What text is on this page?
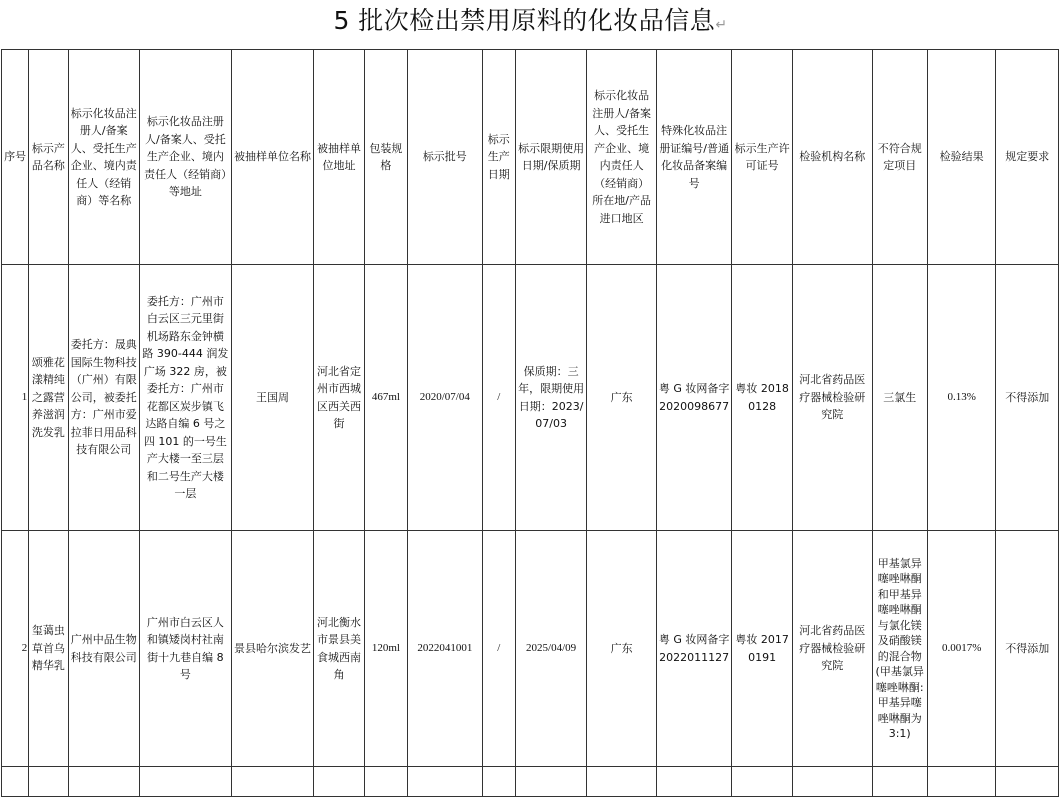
5 批次检出禁用原料的化妆品信息↵
序号	标示产品名称	标示化妆品注册人/备案人、受托生产企业、境内责任人（经销商）等名称	标示化妆品注册人/备案人、受托生产企业、境内责任人（经销商）等地址	被抽样单位名称	被抽样单位地址	包装规格	标示批号	标示生产日期	标示限期使用日期/保质期	标示化妆品注册人/备案人、受托生产企业、境内责任人（经销商）所在地/产品进口地区	特殊化妆品注册证编号/普通化妆品备案编号	标示生产许可证号	检验机构名称	不符合规定项目	检验结果	规定要求
1	颂雅花漾精纯之露营养滋润洗发乳	委托方：晟典国际生物科技（广州）有限公司，被委托方：广州市爱拉菲日用品科技有限公司	委托方：广州市白云区三元里街机场路东金钟横路 390-444 润发广场 322 房，被委托方：广州市花都区炭步镇飞达路自编 6 号之四 101 的一号生产大楼一至三层和二号生产大楼一层	王国周	河北省定州市西城区西关西街	467ml	2020/07/04	/	保质期：三年，限期使用日期：2023/07/03	广东	粤 G 妆网备字 2020098677	粤妆 20180128	河北省药品医疗器械检验研究院	三氯生	0.13%	不得添加
2	玺蔼虫草首乌精华乳	广州中品生物科技有限公司	广州市白云区人和镇矮岗村社南街十九巷自编 8 号	景县哈尔滨发艺	河北衡水市景县美食城西南角	120ml	2022041001	/	2025/04/09	广东	粤 G 妆网备字 2022011127	粤妆 20170191	河北省药品医疗器械检验研究院	甲基氯异噻唑啉酮和甲基异噻唑啉酮与氯化镁及硝酸镁的混合物(甲基氯异噻唑啉酮:甲基异噻唑啉酮为 3:1)	0.0017%	不得添加
